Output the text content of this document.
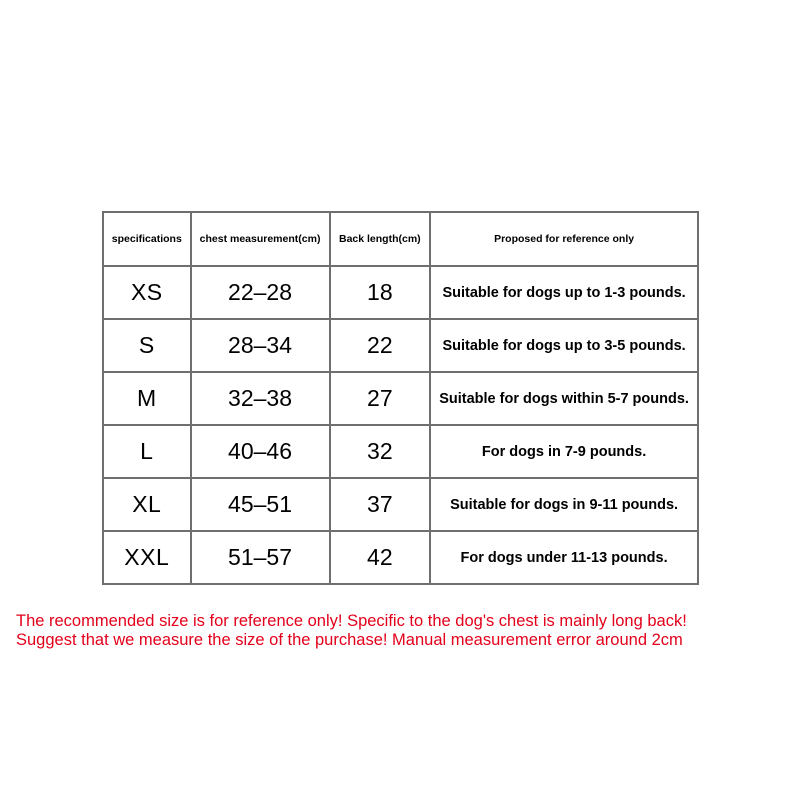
specifications	chest measurement(cm)	Back length(cm)	Proposed for reference only
XS	22–28	18	Suitable for dogs up to 1-3 pounds.
S	28–34	22	Suitable for dogs up to 3-5 pounds.
M	32–38	27	Suitable for dogs within 5-7 pounds.
L	40–46	32	For dogs in 7-9 pounds.
XL	45–51	37	Suitable for dogs in 9-11 pounds.
XXL	51–57	42	For dogs under 11-13 pounds.
The recommended size is for reference only! Specific to the dog's chest is mainly long back!
Suggest that we measure the size of the purchase! Manual measurement error around 2cm
